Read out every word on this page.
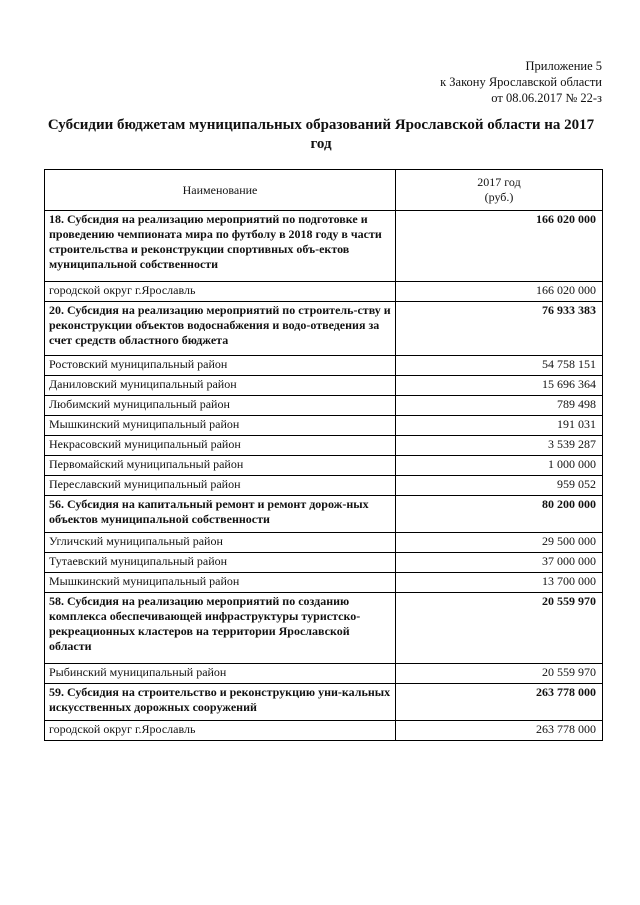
Приложение 5
к Закону Ярославской области
от 08.06.2017 № 22-з
Субсидии бюджетам муниципальных образований Ярославской области на 2017
год
Наименование	2017 год
(руб.)

18. Субсидия на реализацию мероприятий по подготовке и проведению чемпионата мира по футболу в 2018 году в части строительства и реконструкции спортивных объ-ектов муниципальной собственности	166 020 000
городской округ г.Ярославль	166 020 000
20. Субсидия на реализацию мероприятий по строитель-ству и реконструкции объектов водоснабжения и водо-отведения за счет средств областного бюджета	76 933 383
Ростовский муниципальный район	54 758 151
Даниловский муниципальный район	15 696 364
Любимский муниципальный район	789 498
Мышкинский муниципальный район	191 031
Некрасовский муниципальный район	3 539 287
Первомайский муниципальный район	1 000 000
Переславский муниципальный район	959 052
56. Субсидия на капитальный ремонт и ремонт дорож-ных объектов муниципальной собственности	80 200 000
Угличский муниципальный район	29 500 000
Тутаевский муниципальный район	37 000 000
Мышкинский муниципальный район	13 700 000
58. Субсидия на реализацию мероприятий по созданию комплекса обеспечивающей инфраструктуры туристско-рекреационных кластеров на территории Ярославской области	20 559 970
Рыбинский муниципальный район	20 559 970
59. Субсидия на строительство и реконструкцию уни-кальных искусственных дорожных сооружений	263 778 000
городской округ г.Ярославль	263 778 000
